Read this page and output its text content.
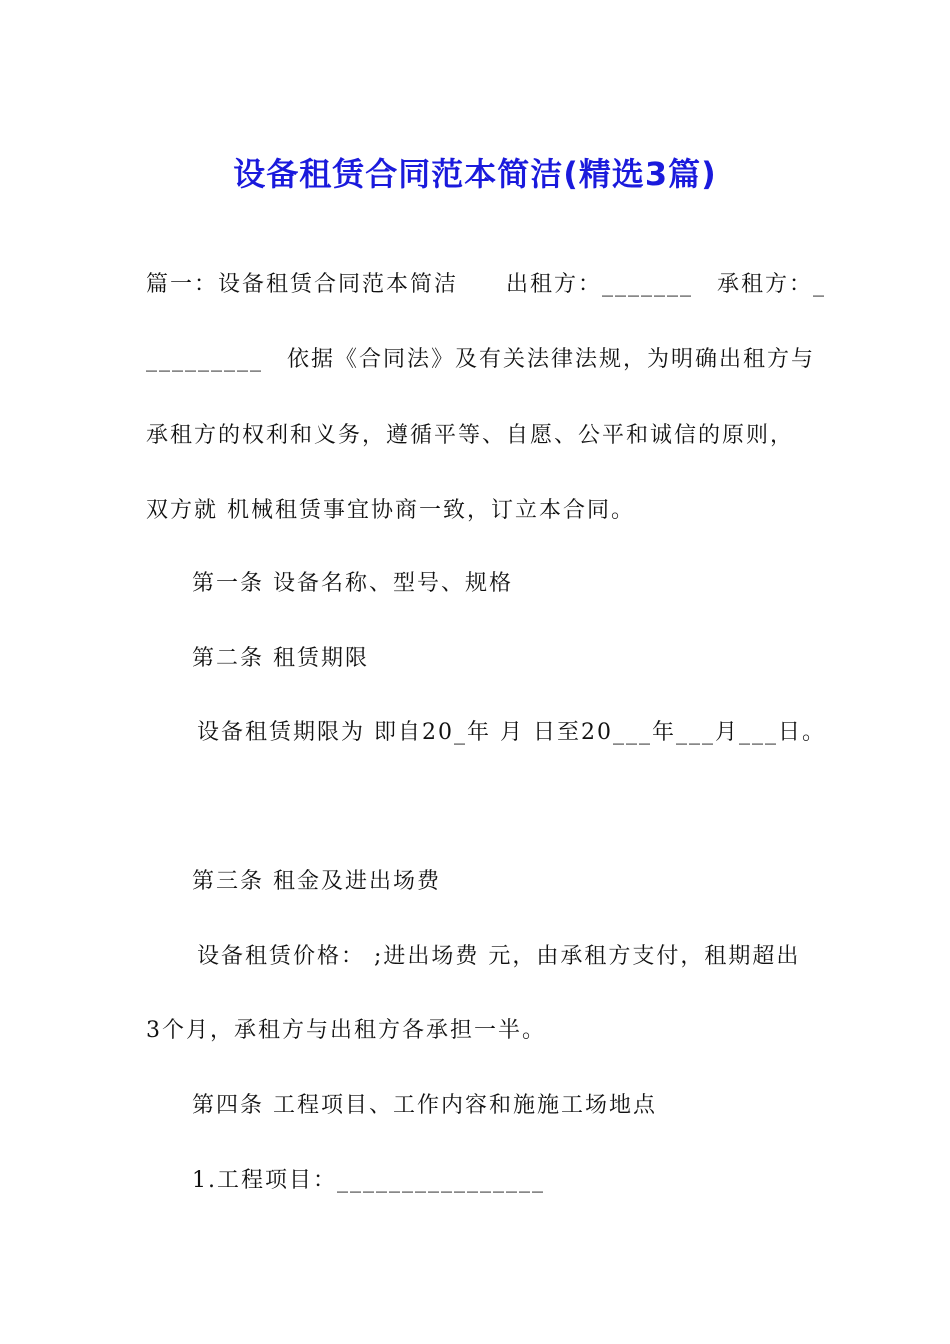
设备租赁合同范本简洁(精选3篇)
篇一：设备租赁合同范本简洁　　出租方：_______　承租方：_
_________　依据《合同法》及有关法律法规，为明确出租方与
承租方的权利和义务，遵循平等、自愿、公平和诚信的原则，
双方就 机械租赁事宜协商一致，订立本合同。
第一条 设备名称、型号、规格
第二条 租赁期限
设备租赁期限为 即自20_年 月 日至20___年___月___日。
第三条 租金及进出场费
设备租赁价格： ;进出场费 元，由承租方支付，租期超出
3个月，承租方与出租方各承担一半。
第四条 工程项目、工作内容和施施工场地点
1.工程项目：________________
